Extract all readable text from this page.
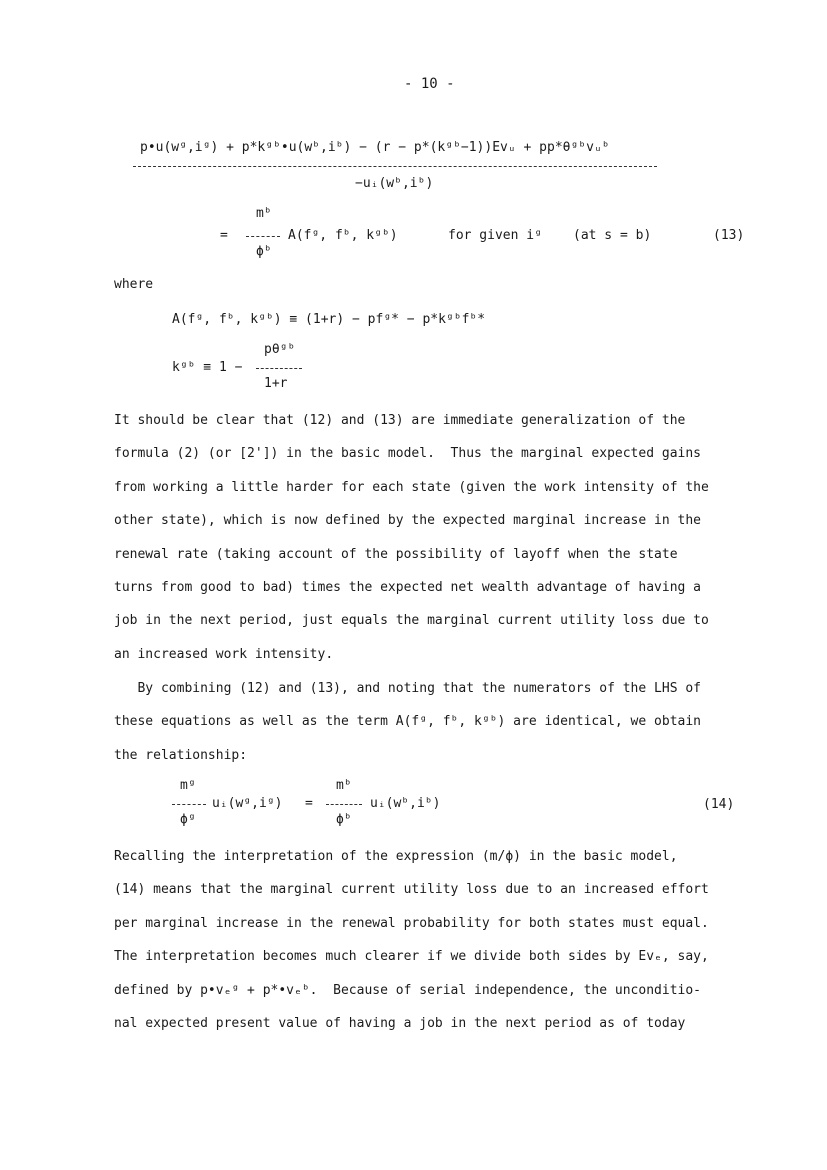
- 10 -
p•u(wᵍ,iᵍ) + p*kᵍᵇ•u(wᵇ,iᵇ) − (r − p*(kᵍᵇ−1))Evᵤ + pp*θᵍᵇvᵤᵇ
−uᵢ(wᵇ,iᵇ)
=
mᵇ
ϕᵇ
A(fᵍ, fᵇ, kᵍᵇ)	for given iᵍ (at s = b)	(13)
where
A(fᵍ, fᵇ, kᵍᵇ) ≡ (1+r) − pfᵍ* − p*kᵍᵇfᵇ*
kᵍᵇ ≡ 1 −
pθᵍᵇ
1+r
It should be clear that (12) and (13) are immediate generalization of the
formula (2) (or [2']) in the basic model.  Thus the marginal expected gains
from working a little harder for each state (given the work intensity of the
other state), which is now defined by the expected marginal increase in the
renewal rate (taking account of the possibility of layoff when the state
turns from good to bad) times the expected net wealth advantage of having a
job in the next period, just equals the marginal current utility loss due to
an increased work intensity.
By combining (12) and (13), and noting that the numerators of the LHS of
these equations as well as the term A(fᵍ, fᵇ, kᵍᵇ) are identical, we obtain
the relationship:
mᵍ
ϕᵍ
uᵢ(wᵍ,iᵍ) =
mᵇ
ϕᵇ
uᵢ(wᵇ,iᵇ)	(14)
Recalling the interpretation of the expression (m/ϕ) in the basic model,
(14) means that the marginal current utility loss due to an increased effort
per marginal increase in the renewal probability for both states must equal.
The interpretation becomes much clearer if we divide both sides by Evₑ, say,
defined by p•vₑᵍ + p*•vₑᵇ.  Because of serial independence, the unconditio-
nal expected present value of having a job in the next period as of today
